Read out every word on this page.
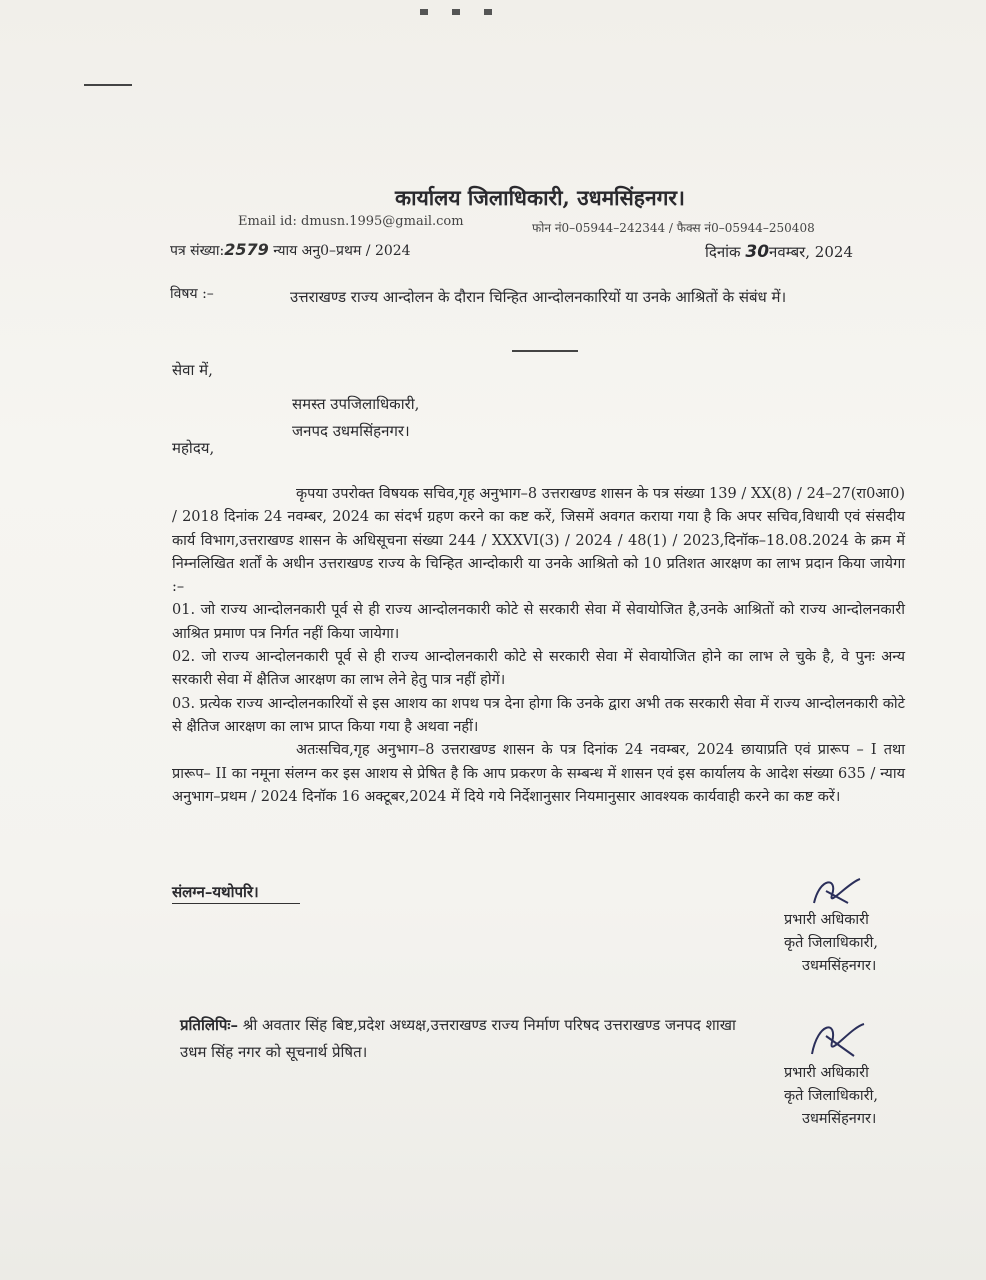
कार्यालय जिलाधिकारी, उधमसिंहनगर।
Email id: dmusn.1995@gmail.com	फोन नं0–05944–242344 / फैक्स नं0–05944–250408
पत्र संख्या:2579 न्याय अनु0–प्रथम / 2024	दिनांक 30नवम्बर, 2024
विषय :–	उत्तराखण्ड राज्य आन्दोलन के दौरान चिन्हित आन्दोलनकारियों या उनके आश्रितों के संबंध में।
सेवा में,
समस्त उपजिलाधिकारी,
जनपद उधमसिंहनगर।
महोदय,

कृपया उपरोक्त विषयक सचिव,गृह अनुभाग–8 उत्तराखण्ड शासन के पत्र संख्या 139 / XX(8) / 24–27(रा0आ0) / 2018 दिनांक 24 नवम्बर, 2024 का संदर्भ ग्रहण करने का कष्ट करें, जिसमें अवगत कराया गया है कि अपर सचिव,विधायी एवं संसदीय कार्य विभाग,उत्तराखण्ड शासन के अधिसूचना संख्या 244 / XXXVI(3) / 2024 / 48(1) / 2023,दिनॉक–18.08.2024 के क्रम में निम्नलिखित शर्तों के अधीन उत्तराखण्ड राज्य के चिन्हित आन्दोकारी या उनके आश्रितो को 10 प्रतिशत आरक्षण का लाभ प्रदान किया जायेगा :–

01. जो राज्य आन्दोलनकारी पूर्व से ही राज्य आन्दोलनकारी कोटे से सरकारी सेवा में सेवायोजित है,उनके आश्रितों को राज्य आन्दोलनकारी आश्रित प्रमाण पत्र निर्गत नहीं किया जायेगा।

02. जो राज्य आन्दोलनकारी पूर्व से ही राज्य आन्दोलनकारी कोटे से सरकारी सेवा में सेवायोजित होने का लाभ ले चुके है, वे पुनः अन्य सरकारी सेवा में क्षैतिज आरक्षण का लाभ लेने हेतु पात्र नहीं होगें।

03. प्रत्येक राज्य आन्दोलनकारियों से इस आशय का शपथ पत्र देना होगा कि उनके द्वारा अभी तक सरकारी सेवा में राज्य आन्दोलनकारी कोटे से क्षैतिज आरक्षण का लाभ प्राप्त किया गया है अथवा नहीं।

अतःसचिव,गृह अनुभाग–8 उत्तराखण्ड शासन के पत्र दिनांक 24 नवम्बर, 2024 छायाप्रति एवं प्रारूप – I तथा प्रारूप– II का नमूना संलग्न कर इस आशय से प्रेषित है कि आप प्रकरण के सम्बन्ध में शासन एवं इस कार्यालय के आदेश संख्या 635 / न्याय अनुभाग–प्रथम / 2024 दिनॉक 16 अक्टूबर,2024 में दिये गये निर्देशानुसार नियमानुसार आवश्यक कार्यवाही करने का कष्ट करें।

संलग्न–यथोपरि।
प्रभारी अधिकारी
कृते जिलाधिकारी,
उधमसिंहनगर।
प्रतिलिपिः– श्री अवतार सिंह बिष्ट,प्रदेश अध्यक्ष,उत्तराखण्ड राज्य निर्माण परिषद उत्तराखण्ड जनपद शाखा
उधम सिंह नगर को सूचनार्थ प्रेषित।
प्रभारी अधिकारी
कृते जिलाधिकारी,
उधमसिंहनगर।
